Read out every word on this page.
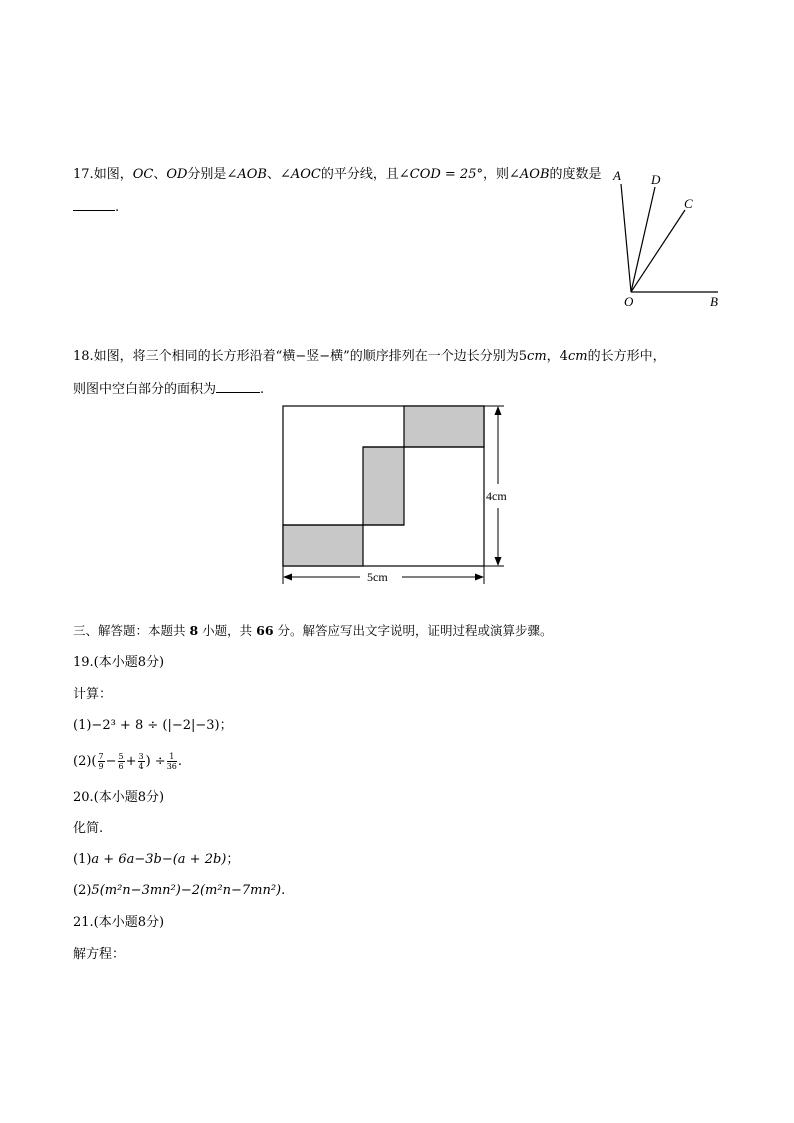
17.如图，OC、OD分别是∠AOB、∠AOC的平分线，且∠COD = 25°，则∠AOB的度数是
.
A D
C
O	B
18.如图，将三个相同的长方形沿着“横−竖−横”的顺序排列在一个边长分别为5cm，4cm的长方形中，
则图中空白部分的面积为	.
4cm
5cm
三、解答题：本题共 8 小题，共 66 分。解答应写出文字说明，证明过程或演算步骤。
19.(本小题8分)
计算：
(1)−2³ + 8 ÷ (|−2|−3)；
$(2)( \frac{7}{9} - \frac{5}{6} + \frac{3}{4}$ ) ÷ $\frac{1}{36}$ .
20.(本小题8分)
化简.
(1)a + 6a−3b−(a + 2b)；
(2)5(m²n−3mn²)−2(m²n−7mn²).
21.(本小题8分)
解方程：
